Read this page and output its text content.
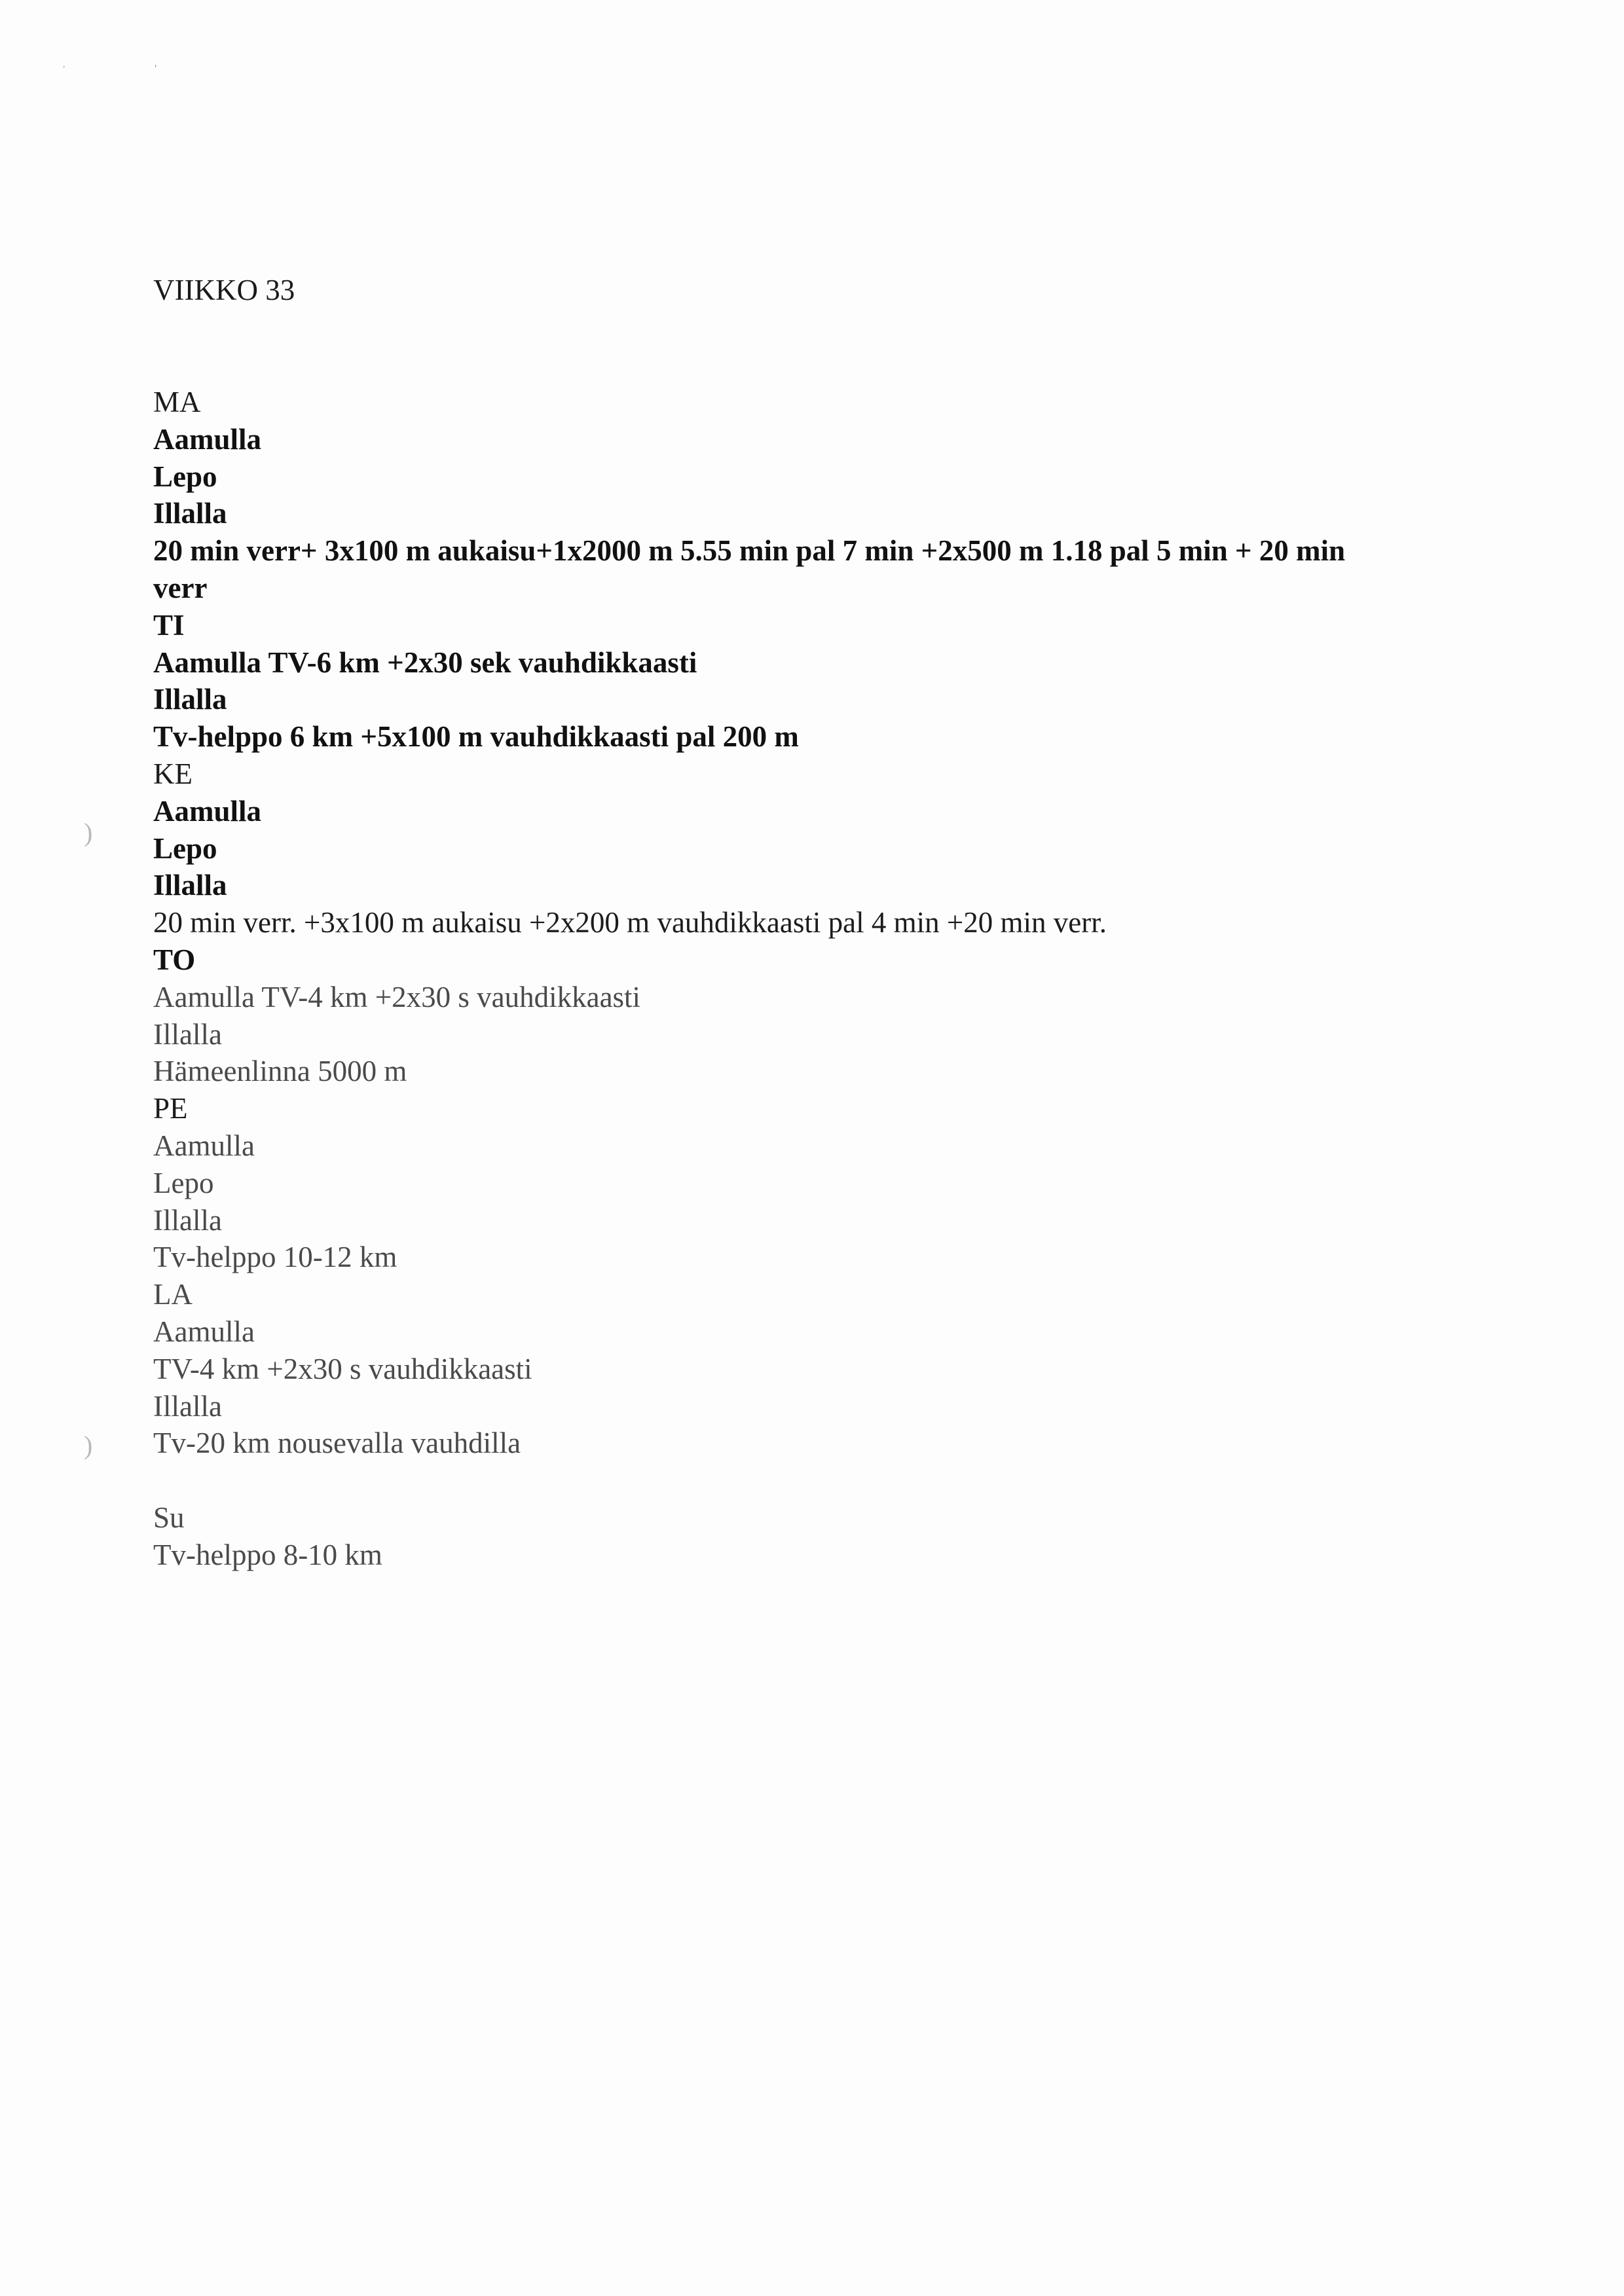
,	'
)
)
VIIKKO 33
MA
Aamulla
Lepo
Illalla
20 min verr+ 3x100 m aukaisu+1x2000 m 5.55 min pal 7 min +2x500 m 1.18 pal 5 min + 20 min
verr
TI
Aamulla TV-6 km +2x30 sek vauhdikkaasti
Illalla
Tv-helppo 6 km +5x100 m vauhdikkaasti pal 200 m
KE
Aamulla
Lepo
Illalla
20 min verr. +3x100 m aukaisu +2x200 m vauhdikkaasti pal 4 min +20 min verr.
TO
Aamulla TV-4 km +2x30 s vauhdikkaasti
Illalla
Hämeenlinna 5000 m
PE
Aamulla
Lepo
Illalla
Tv-helppo 10-12 km
LA
Aamulla
TV-4 km +2x30 s vauhdikkaasti
Illalla
Tv-20 km nousevalla vauhdilla
Su
Tv-helppo 8-10 km
